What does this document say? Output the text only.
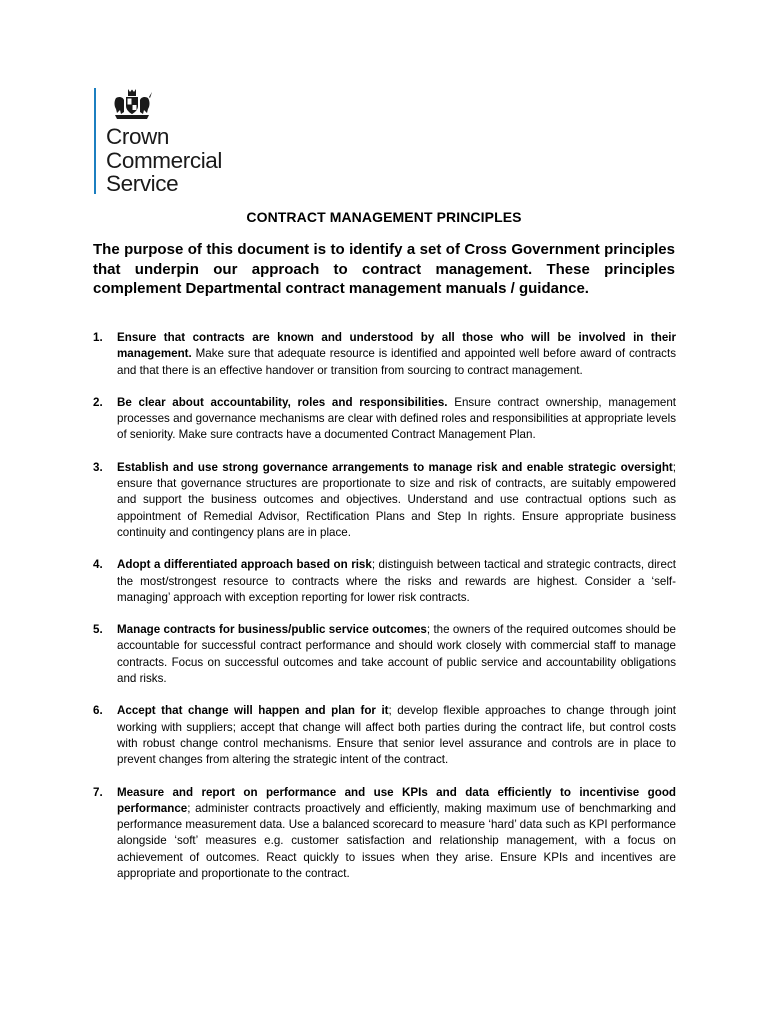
Crown
Commercial
Service
CONTRACT MANAGEMENT PRINCIPLES
The purpose of this document is to identify a set of Cross Government principles that underpin our approach to contract management. These principles complement Departmental contract management manuals / guidance.
1. Ensure that contracts are known and understood by all those who will be involved in their management. Make sure that adequate resource is identified and appointed well before award of contracts and that there is an effective handover or transition from sourcing to contract management.
2. Be clear about accountability, roles and responsibilities. Ensure contract ownership, management processes and governance mechanisms are clear with defined roles and responsibilities at appropriate levels of seniority. Make sure contracts have a documented Contract Management Plan.
3. Establish and use strong governance arrangements to manage risk and enable strategic oversight; ensure that governance structures are proportionate to size and risk of contracts, are suitably empowered and support the business outcomes and objectives. Understand and use contractual options such as appointment of Remedial Advisor, Rectification Plans and Step In rights. Ensure appropriate business continuity and contingency plans are in place.
4. Adopt a differentiated approach based on risk; distinguish between tactical and strategic contracts, direct the most/strongest resource to contracts where the risks and rewards are highest. Consider a ‘self-managing’ approach with exception reporting for lower risk contracts.
5. Manage contracts for business/public service outcomes; the owners of the required outcomes should be accountable for successful contract performance and should work closely with commercial staff to manage contracts. Focus on successful outcomes and take account of public service and accountability obligations and risks.
6. Accept that change will happen and plan for it; develop flexible approaches to change through joint working with suppliers; accept that change will affect both parties during the contract life, but control costs with robust change control mechanisms. Ensure that senior level assurance and controls are in place to prevent changes from altering the strategic intent of the contract.
7. Measure and report on performance and use KPIs and data efficiently to incentivise good performance; administer contracts proactively and efficiently, making maximum use of benchmarking and performance measurement data. Use a balanced scorecard to measure ‘hard’ data such as KPI performance alongside ‘soft’ measures e.g. customer satisfaction and relationship management, with a focus on achievement of outcomes. React quickly to issues when they arise. Ensure KPIs and incentives are appropriate and proportionate to the contract.
